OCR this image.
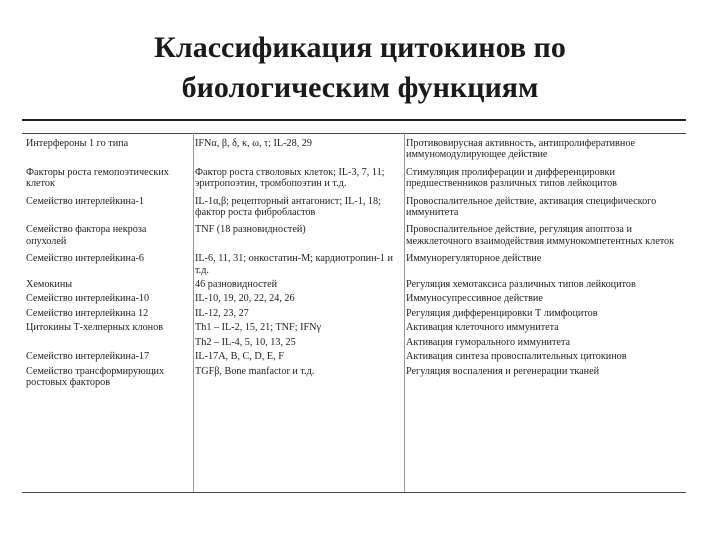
Классификация цитокинов по
биологическим функциям
Интерфероны 1 го типа	IFNα, β, δ, κ, ω, τ; IL-28, 29	Противовирусная активность, антипролиферативное иммуномодулирующее действие
Факторы роста гемопоэтических клеток	Фактор роста стволовых клеток; IL-3, 7, 11; эритропоэтин, тромбопоэтин и т.д.	Стимуляция пролиферации и дифференцировки предшественников различных типов лейкоцитов
Семейство интерлейкина-1	IL-1α,β; рецепторный антагонист; IL-1, 18; фактор роста фибробластов	Провоспалительное действие, активация специфического иммунитета
Семейство фактора некроза опухолей	TNF (18 разновидностей)	Провоспалительное действие, регуляция апоптоза и межклеточного взаимодействия иммунокомпетентных клеток
Семейство интерлейкина-6	IL-6, 11, 31; онкостатин-М; кардиотропин-1 и т.д.	Иммунорегуляторное действие
Хемокины	46 разновидностей	Регуляция хемотаксиса различных типов лейкоцитов
Семейство интерлейкина-10	IL-10, 19, 20, 22, 24, 26	Иммуносупрессивное действие
Семейство интерлейкина 12	IL-12, 23, 27	Регуляция дифференцировки Т лимфоцитов
Цитокины Т-хелперных клонов	Th1 – IL-2, 15, 21; TNF; IFNγ	Активация клеточного иммунитета
	Th2 – IL-4, 5, 10, 13, 25	Активация гуморального иммунитета
Семейство интерлейкина-17	IL-17A, B, C, D, E, F	Активация синтеза провоспалительных цитокинов
Семейство трансформирующих ростовых факторов	TGFβ, Bone manfactor и т.д.	Регуляция воспаления и регенерации тканей
